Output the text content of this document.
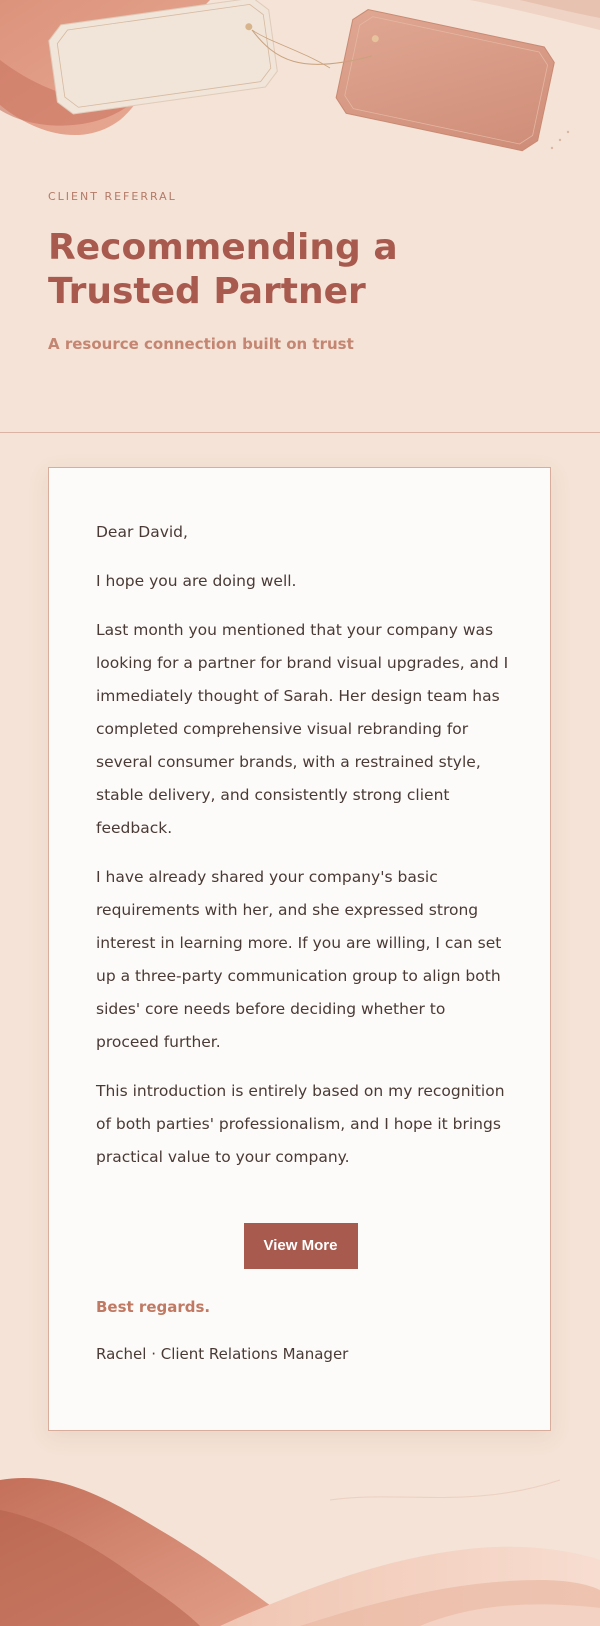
CLIENT REFERRAL
Recommending a Trusted Partner
A resource connection built on trust

Dear David,

I hope you are doing well.

Last month you mentioned that your company was looking for a partner for brand visual upgrades, and I immediately thought of Sarah. Her design team has completed comprehensive visual rebranding for several consumer brands, with a restrained style, stable delivery, and consistently strong client feedback.

I have already shared your company's basic requirements with her, and she expressed strong interest in learning more. If you are willing, I can set up a three-party communication group to align both sides' core needs before deciding whether to proceed further.

This introduction is entirely based on my recognition of both parties' professionalism, and I hope it brings practical value to your company.

View More
Best regards.
Rachel · Client Relations Manager
